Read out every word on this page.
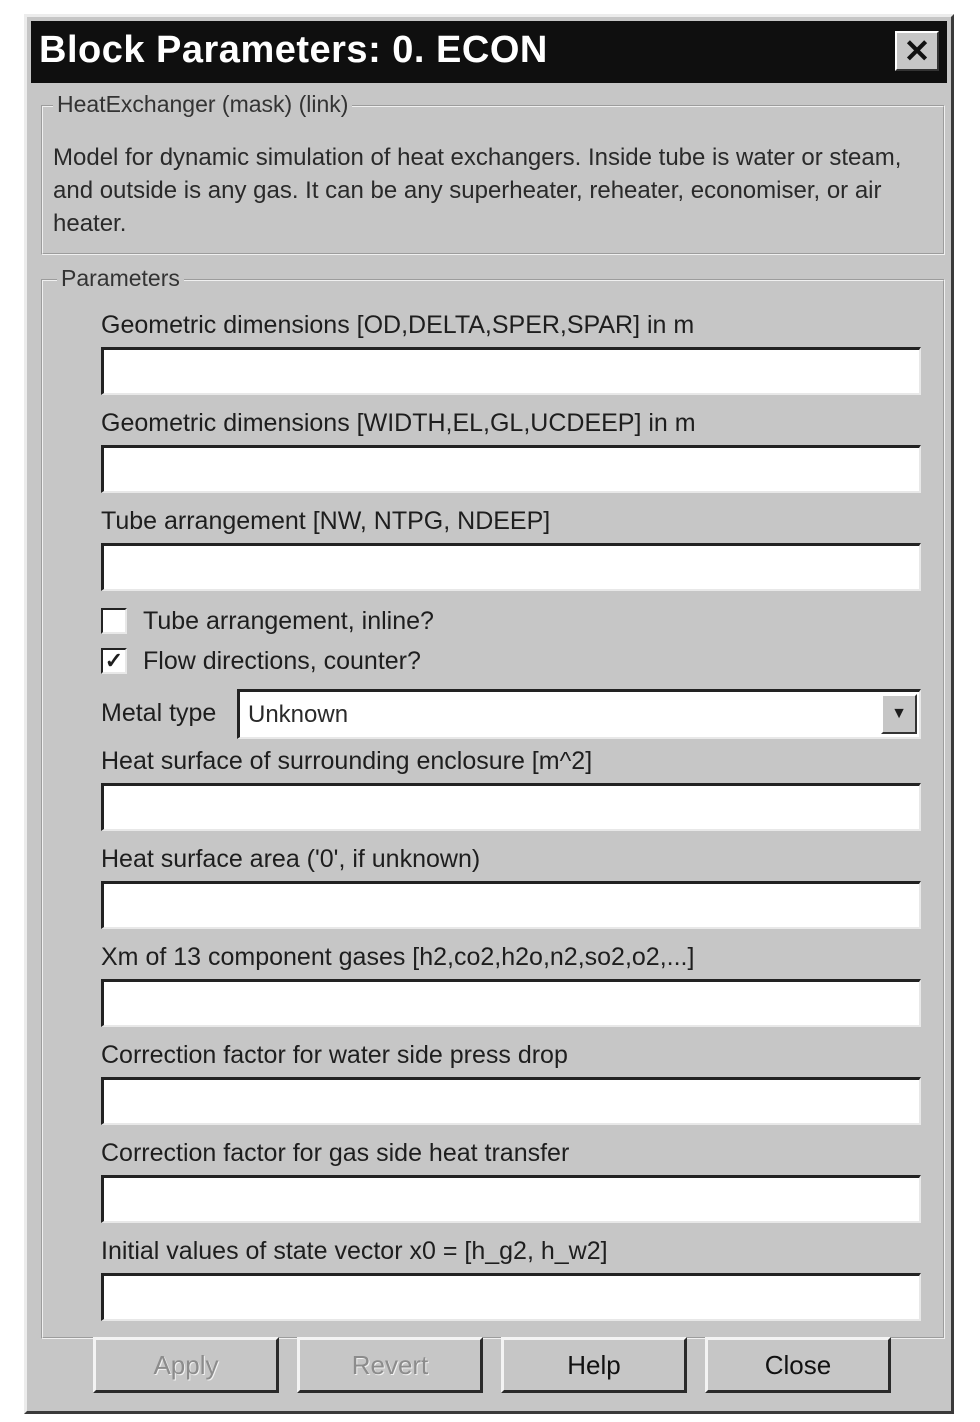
Block Parameters: 0. ECON	✕
HeatExchanger (mask) (link)
Model for dynamic simulation of heat exchangers. Inside tube is water or steam, and outside is any gas. It can be any superheater, reheater, economiser, or air heater.
Parameters
Geometric dimensions [OD,DELTA,SPER,SPAR] in m
Geometric dimensions [WIDTH,EL,GL,UCDEEP] in m
Tube arrangement [NW, NTPG, NDEEP]
Tube arrangement, inline?
✓ Flow directions, counter?
Metal type Unknown	▼
Heat surface of surrounding enclosure [m^2]
Heat surface area ('0', if unknown)
Xm of 13 component gases [h2,co2,h2o,n2,so2,o2,...]
Correction factor for water side press drop
Correction factor for gas side heat transfer
Initial values of state vector x0 = [h_g2, h_w2]
Apply	Revert	Help	Close
